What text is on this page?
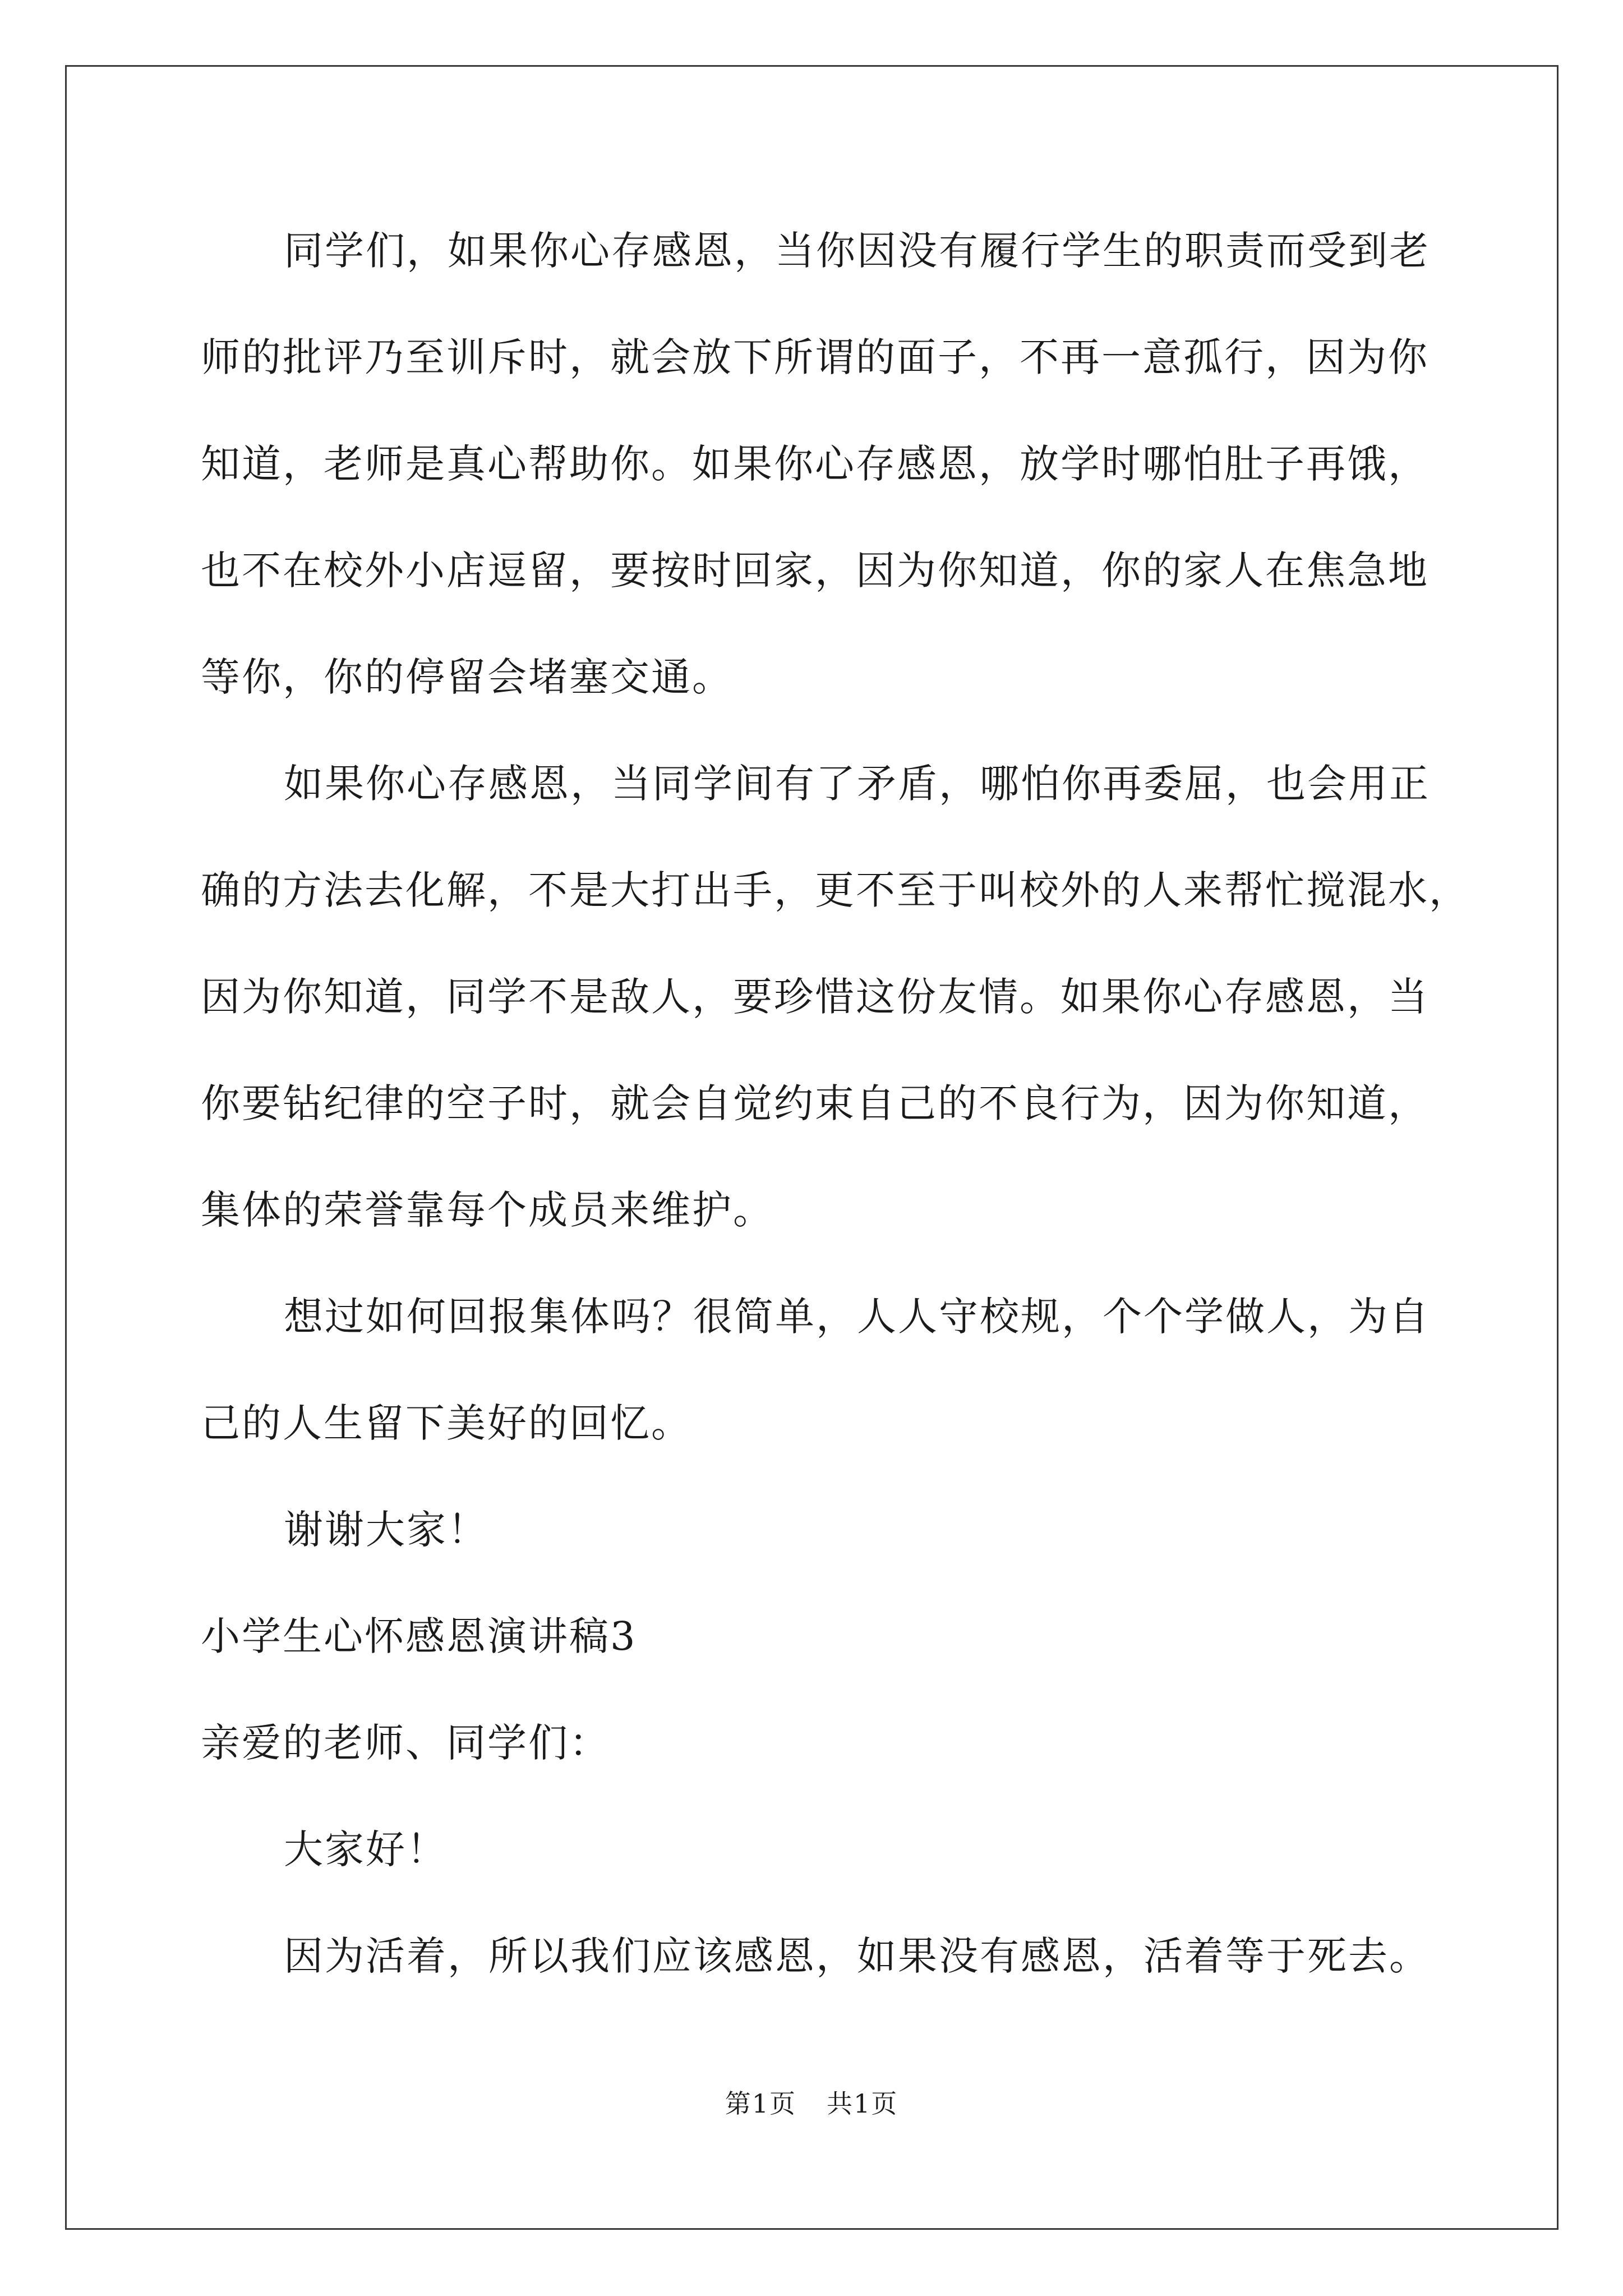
同学们，如果你心存感恩，当你因没有履行学生的职责而受到老
师的批评乃至训斥时，就会放下所谓的面子，不再一意孤行，因为你
知道，老师是真心帮助你。如果你心存感恩，放学时哪怕肚子再饿，
也不在校外小店逗留，要按时回家，因为你知道，你的家人在焦急地
等你，你的停留会堵塞交通。
如果你心存感恩，当同学间有了矛盾，哪怕你再委屈，也会用正
确的方法去化解，不是大打出手，更不至于叫校外的人来帮忙搅混水，
因为你知道，同学不是敌人，要珍惜这份友情。如果你心存感恩，当
你要钻纪律的空子时，就会自觉约束自己的不良行为，因为你知道，
集体的荣誉靠每个成员来维护。
想过如何回报集体吗？很简单，人人守校规，个个学做人，为自
己的人生留下美好的回忆。
谢谢大家！
小学生心怀感恩演讲稿3
亲爱的老师、同学们：
大家好！
因为活着，所以我们应该感恩，如果没有感恩，活着等于死去。
第1页 共1页
